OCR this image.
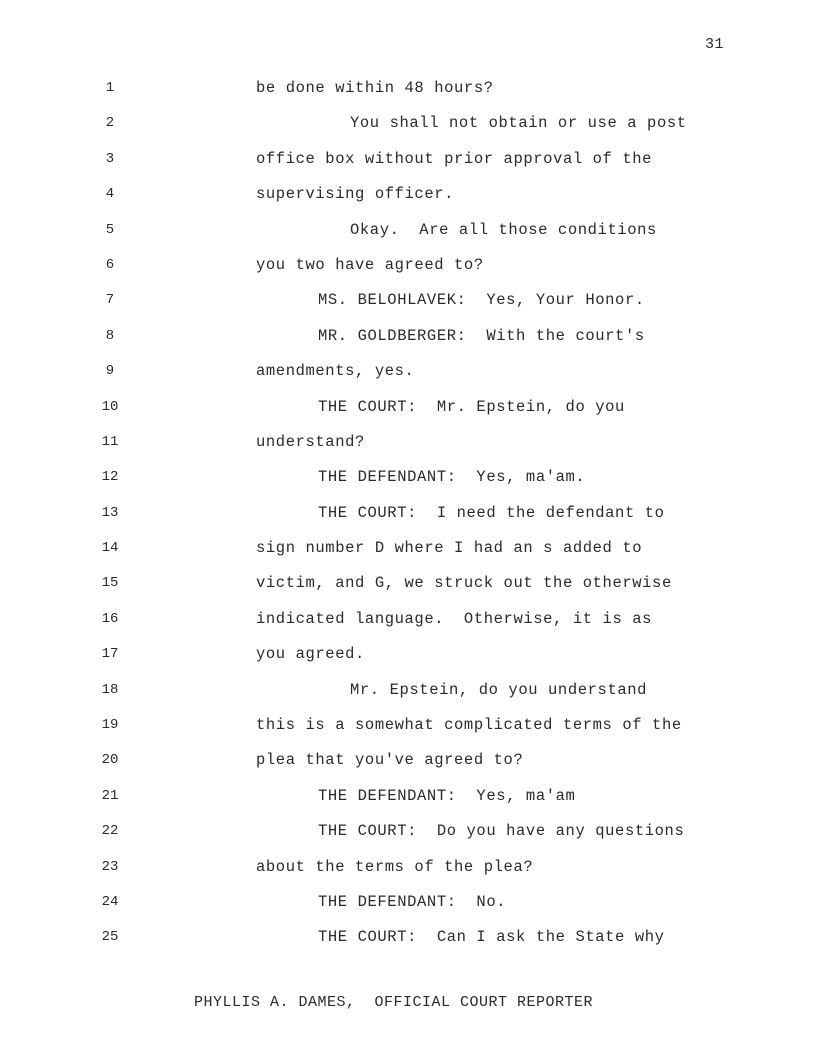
31
1	be done within 48 hours?
2	You shall not obtain or use a post
3	office box without prior approval of the
4	supervising officer.
5	Okay.  Are all those conditions
6	you two have agreed to?
7	MS. BELOHLAVEK:  Yes, Your Honor.
8	MR. GOLDBERGER:  With the court's
9	amendments, yes.
10	THE COURT:  Mr. Epstein, do you
11	understand?
12	THE DEFENDANT:  Yes, ma'am.
13	THE COURT:  I need the defendant to
14	sign number D where I had an s added to
15	victim, and G, we struck out the otherwise
16	indicated language.  Otherwise, it is as
17	you agreed.
18	Mr. Epstein, do you understand
19	this is a somewhat complicated terms of the
20	plea that you've agreed to?
21	THE DEFENDANT:  Yes, ma'am
22	THE COURT:  Do you have any questions
23	about the terms of the plea?
24	THE DEFENDANT:  No.
25	THE COURT:  Can I ask the State why
PHYLLIS A. DAMES,  OFFICIAL COURT REPORTER
